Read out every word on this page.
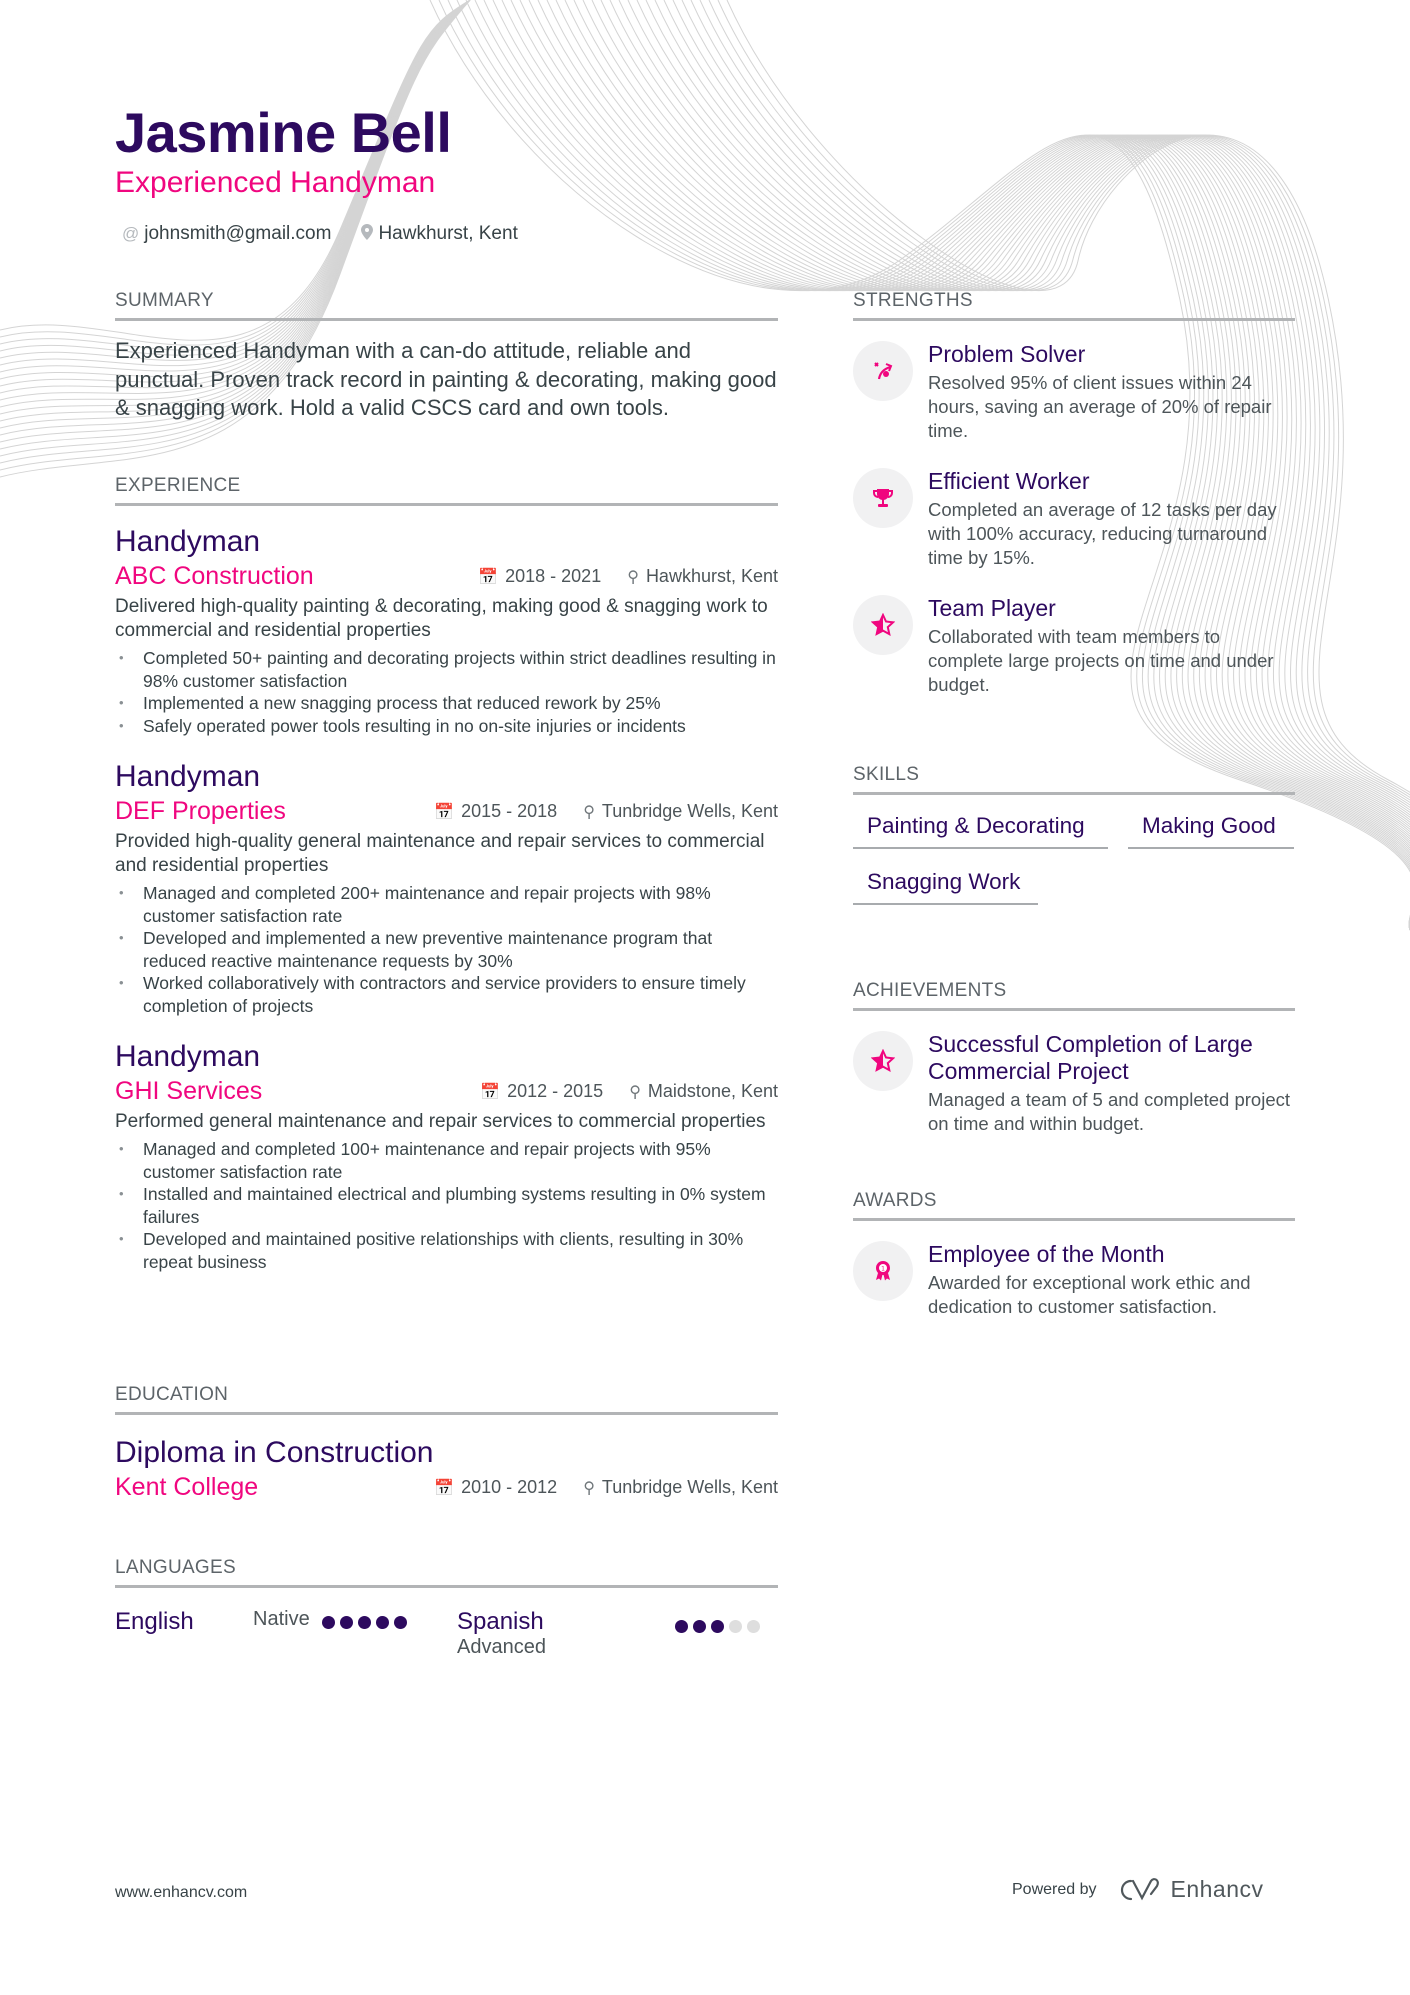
Jasmine Bell
Experienced Handyman
@ johnsmith@gmail.com Hawkhurst, Kent
SUMMARY
Experienced Handyman with a can-do attitude, reliable and punctual. Proven track record in painting & decorating, making good & snagging work. Hold a valid CSCS card and own tools.
EXPERIENCE
Handyman
ABC Construction	📅 2018 - 2021 ⚲ Hawkhurst, Kent
Delivered high-quality painting & decorating, making good & snagging work to commercial and residential properties
• Completed 50+ painting and decorating projects within strict deadlines resulting in 98% customer satisfaction
• Implemented a new snagging process that reduced rework by 25%
• Safely operated power tools resulting in no on-site injuries or incidents
Handyman
DEF Properties	📅 2015 - 2018 ⚲ Tunbridge Wells, Kent
Provided high-quality general maintenance and repair services to commercial and residential properties
• Managed and completed 200+ maintenance and repair projects with 98% customer satisfaction rate
• Developed and implemented a new preventive maintenance program that reduced reactive maintenance requests by 30%
• Worked collaboratively with contractors and service providers to ensure timely completion of projects
Handyman
GHI Services	📅 2012 - 2015 ⚲ Maidstone, Kent
Performed general maintenance and repair services to commercial properties
• Managed and completed 100+ maintenance and repair projects with 95% customer satisfaction rate
• Installed and maintained electrical and plumbing systems resulting in 0% system failures
• Developed and maintained positive relationships with clients, resulting in 30% repeat business
EDUCATION
Diploma in Construction
Kent College	📅 2010 - 2012 ⚲ Tunbridge Wells, Kent
LANGUAGES
English	Native	Spanish
Advanced
STRENGTHS
Problem Solver
Resolved 95% of client issues within 24 hours, saving an average of 20% of repair time.
Efficient Worker
Completed an average of 12 tasks per day with 100% accuracy, reducing turnaround time by 15%.
Team Player
Collaborated with team members to complete large projects on time and under budget.
SKILLS
Painting & Decorating	Making Good
Snagging Work
ACHIEVEMENTS
Successful Completion of Large Commercial Project
Managed a team of 5 and completed project on time and within budget.
AWARDS
1
Employee of the Month
Awarded for exceptional work ethic and dedication to customer satisfaction.
www.enhancv.com	Powered by	Enhancv
